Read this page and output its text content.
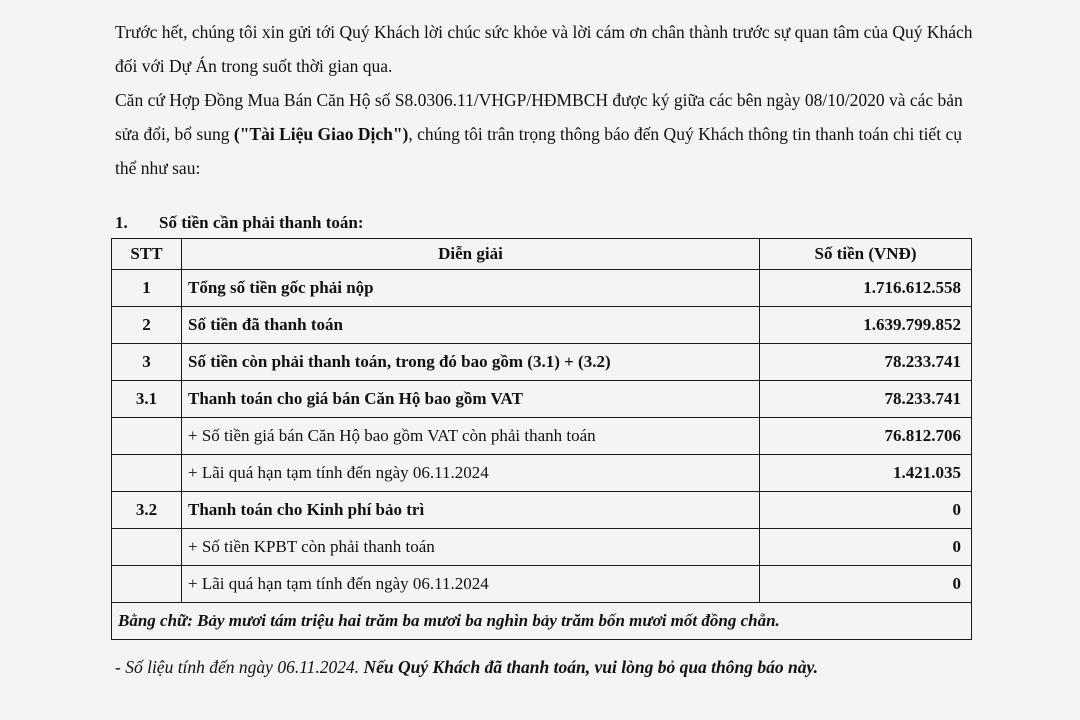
Trước hết, chúng tôi xin gửi tới Quý Khách lời chúc sức khỏe và lời cám ơn chân thành trước sự quan tâm của Quý Khách đối với Dự Án trong suốt thời gian qua.
Căn cứ Hợp Đồng Mua Bán Căn Hộ số S8.0306.11/VHGP/HĐMBCH được ký giữa các bên ngày 08/10/2020 và các bản sửa đổi, bổ sung ("Tài Liệu Giao Dịch"), chúng tôi trân trọng thông báo đến Quý Khách thông tin thanh toán chi tiết cụ thể như sau:
1. Số tiền cần phải thanh toán:
STT	Diễn giải	Số tiền (VNĐ)
1	Tổng số tiền gốc phải nộp	1.716.612.558
2	Số tiền đã thanh toán	1.639.799.852
3	Số tiền còn phải thanh toán, trong đó bao gồm (3.1) + (3.2)	78.233.741
3.1	Thanh toán cho giá bán Căn Hộ bao gồm VAT	78.233.741
	+ Số tiền giá bán Căn Hộ bao gồm VAT còn phải thanh toán	76.812.706
	+ Lãi quá hạn tạm tính đến ngày 06.11.2024	1.421.035
3.2	Thanh toán cho Kinh phí bảo trì	0
	+ Số tiền KPBT còn phải thanh toán	0
	+ Lãi quá hạn tạm tính đến ngày 06.11.2024	0
Bằng chữ: Bảy mươi tám triệu hai trăm ba mươi ba nghìn bảy trăm bốn mươi mốt đồng chẵn.		
- Số liệu tính đến ngày 06.11.2024. Nếu Quý Khách đã thanh toán, vui lòng bỏ qua thông báo này.
